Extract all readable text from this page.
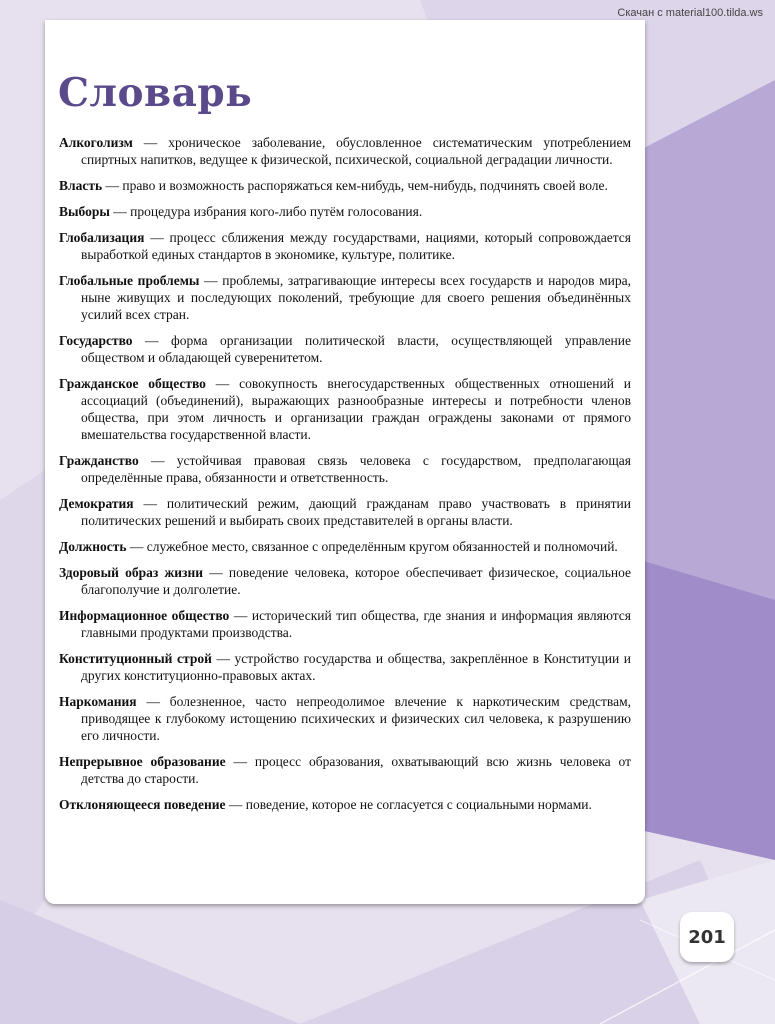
Скачан с material100.tilda.ws
Словарь

Алкоголизм — хроническое заболевание, обусловленное систематическим употреблением спиртных напитков, ведущее к физической, психической, социальной деградации личности.

Власть — право и возможность распоряжаться кем-нибудь, чем-нибудь, подчинять своей воле.

Выборы — процедура избрания кого-либо путём голосования.

Глобализация — процесс сближения между государствами, нациями, который сопровождается выработкой единых стандартов в экономике, культуре, политике.

Глобальные проблемы — проблемы, затрагивающие интересы всех государств и народов мира, ныне живущих и последующих поколений, требующие для своего решения объединённых усилий всех стран.

Государство — форма организации политической власти, осуществляющей управление обществом и обладающей суверенитетом.

Гражданское общество — совокупность внегосударственных общественных отношений и ассоциаций (объединений), выражающих разнообразные интересы и потребности членов общества, при этом личность и организации граждан ограждены законами от прямого вмешательства государственной власти.

Гражданство — устойчивая правовая связь человека с государством, предполагающая определённые права, обязанности и ответственность.

Демократия — политический режим, дающий гражданам право участвовать в принятии политических решений и выбирать своих представителей в органы власти.

Должность — служебное место, связанное с определённым кругом обязанностей и полномочий.

Здоровый образ жизни — поведение человека, которое обеспечивает физическое, социальное благополучие и долголетие.

Информационное общество — исторический тип общества, где знания и информация являются главными продуктами производства.

Конституционный строй — устройство государства и общества, закреплённое в Конституции и других конституционно-правовых актах.

Наркомания — болезненное, часто непреодолимое влечение к наркотическим средствам, приводящее к глубокому истощению психических и физических сил человека, к разрушению его личности.

Непрерывное образование — процесс образования, охватывающий всю жизнь человека от детства до старости.

Отклоняющееся поведение — поведение, которое не согласуется с социальными нормами.

201
